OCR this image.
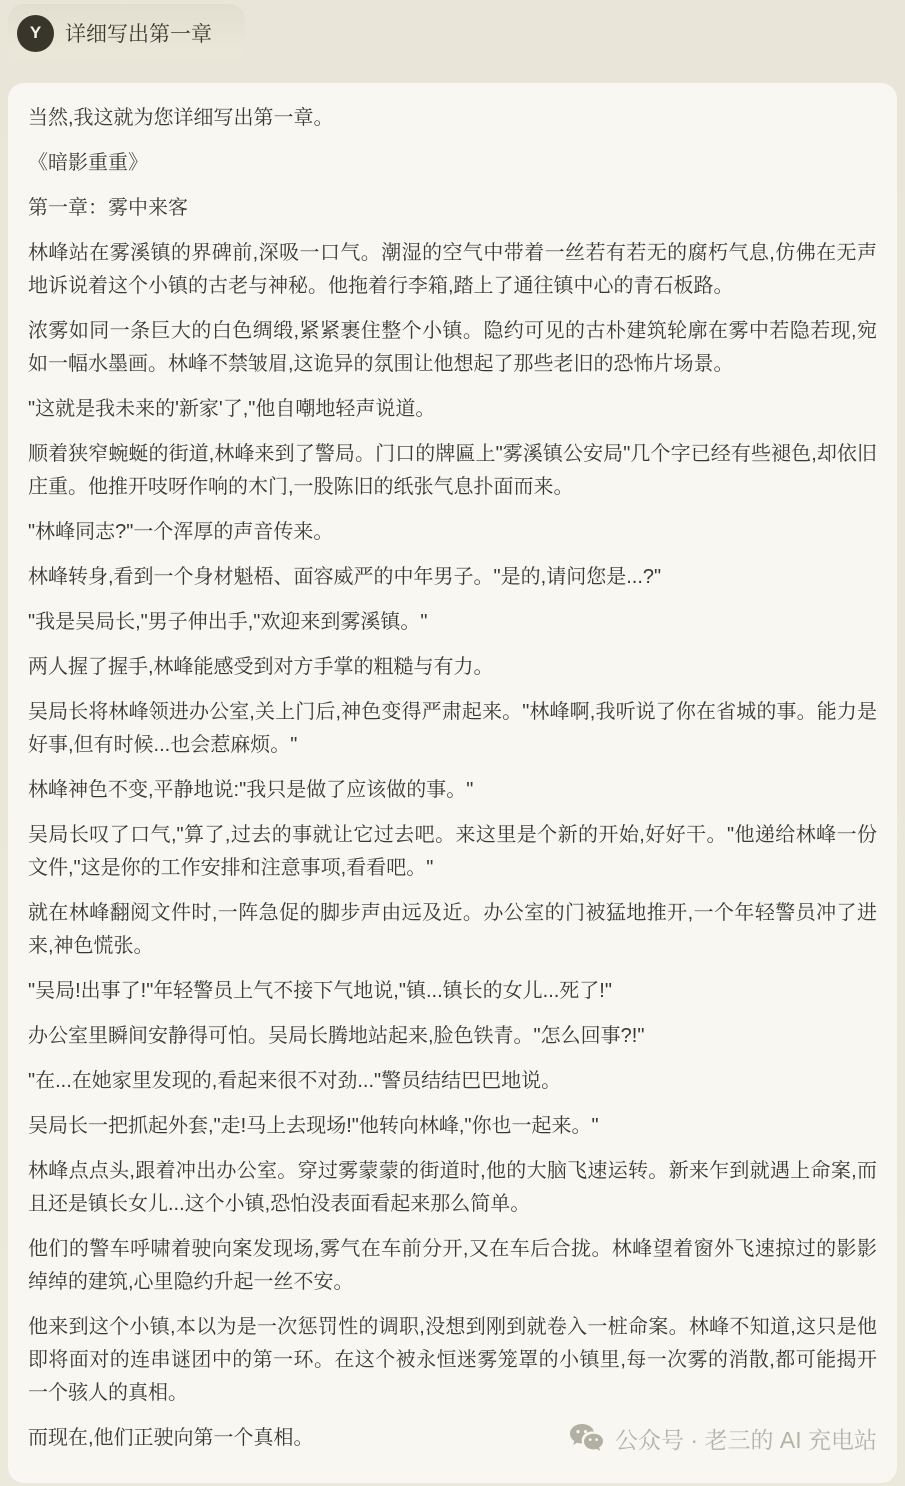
Y	详细写出第一章

当然,我这就为您详细写出第一章。

《暗影重重》

第一章：雾中来客

林峰站在雾溪镇的界碑前,深吸一口气。潮湿的空气中带着一丝若有若无的腐朽气息,仿佛在无声地诉说着这个小镇的古老与神秘。他拖着行李箱,踏上了通往镇中心的青石板路。

浓雾如同一条巨大的白色绸缎,紧紧裹住整个小镇。隐约可见的古朴建筑轮廓在雾中若隐若现,宛如一幅水墨画。林峰不禁皱眉,这诡异的氛围让他想起了那些老旧的恐怖片场景。

"这就是我未来的'新家'了,"他自嘲地轻声说道。

顺着狭窄蜿蜒的街道,林峰来到了警局。门口的牌匾上"雾溪镇公安局"几个字已经有些褪色,却依旧庄重。他推开吱呀作响的木门,一股陈旧的纸张气息扑面而来。

"林峰同志?"一个浑厚的声音传来。

林峰转身,看到一个身材魁梧、面容威严的中年男子。"是的,请问您是...?"

"我是吴局长,"男子伸出手,"欢迎来到雾溪镇。"

两人握了握手,林峰能感受到对方手掌的粗糙与有力。

吴局长将林峰领进办公室,关上门后,神色变得严肃起来。"林峰啊,我听说了你在省城的事。能力是好事,但有时候...也会惹麻烦。"

林峰神色不变,平静地说:"我只是做了应该做的事。"

吴局长叹了口气,"算了,过去的事就让它过去吧。来这里是个新的开始,好好干。"他递给林峰一份文件,"这是你的工作安排和注意事项,看看吧。"

就在林峰翻阅文件时,一阵急促的脚步声由远及近。办公室的门被猛地推开,一个年轻警员冲了进来,神色慌张。

"吴局!出事了!"年轻警员上气不接下气地说,"镇...镇长的女儿...死了!"

办公室里瞬间安静得可怕。吴局长腾地站起来,脸色铁青。"怎么回事?!"

"在...在她家里发现的,看起来很不对劲..."警员结结巴巴地说。

吴局长一把抓起外套,"走!马上去现场!"他转向林峰,"你也一起来。"

林峰点点头,跟着冲出办公室。穿过雾蒙蒙的街道时,他的大脑飞速运转。新来乍到就遇上命案,而且还是镇长女儿...这个小镇,恐怕没表面看起来那么简单。

他们的警车呼啸着驶向案发现场,雾气在车前分开,又在车后合拢。林峰望着窗外飞速掠过的影影绰绰的建筑,心里隐约升起一丝不安。

他来到这个小镇,本以为是一次惩罚性的调职,没想到刚到就卷入一桩命案。林峰不知道,这只是他即将面对的连串谜团中的第一环。在这个被永恒迷雾笼罩的小镇里,每一次雾的消散,都可能揭开一个骇人的真相。

而现在,他们正驶向第一个真相。	公众号 · 老三的 AI 充电站
